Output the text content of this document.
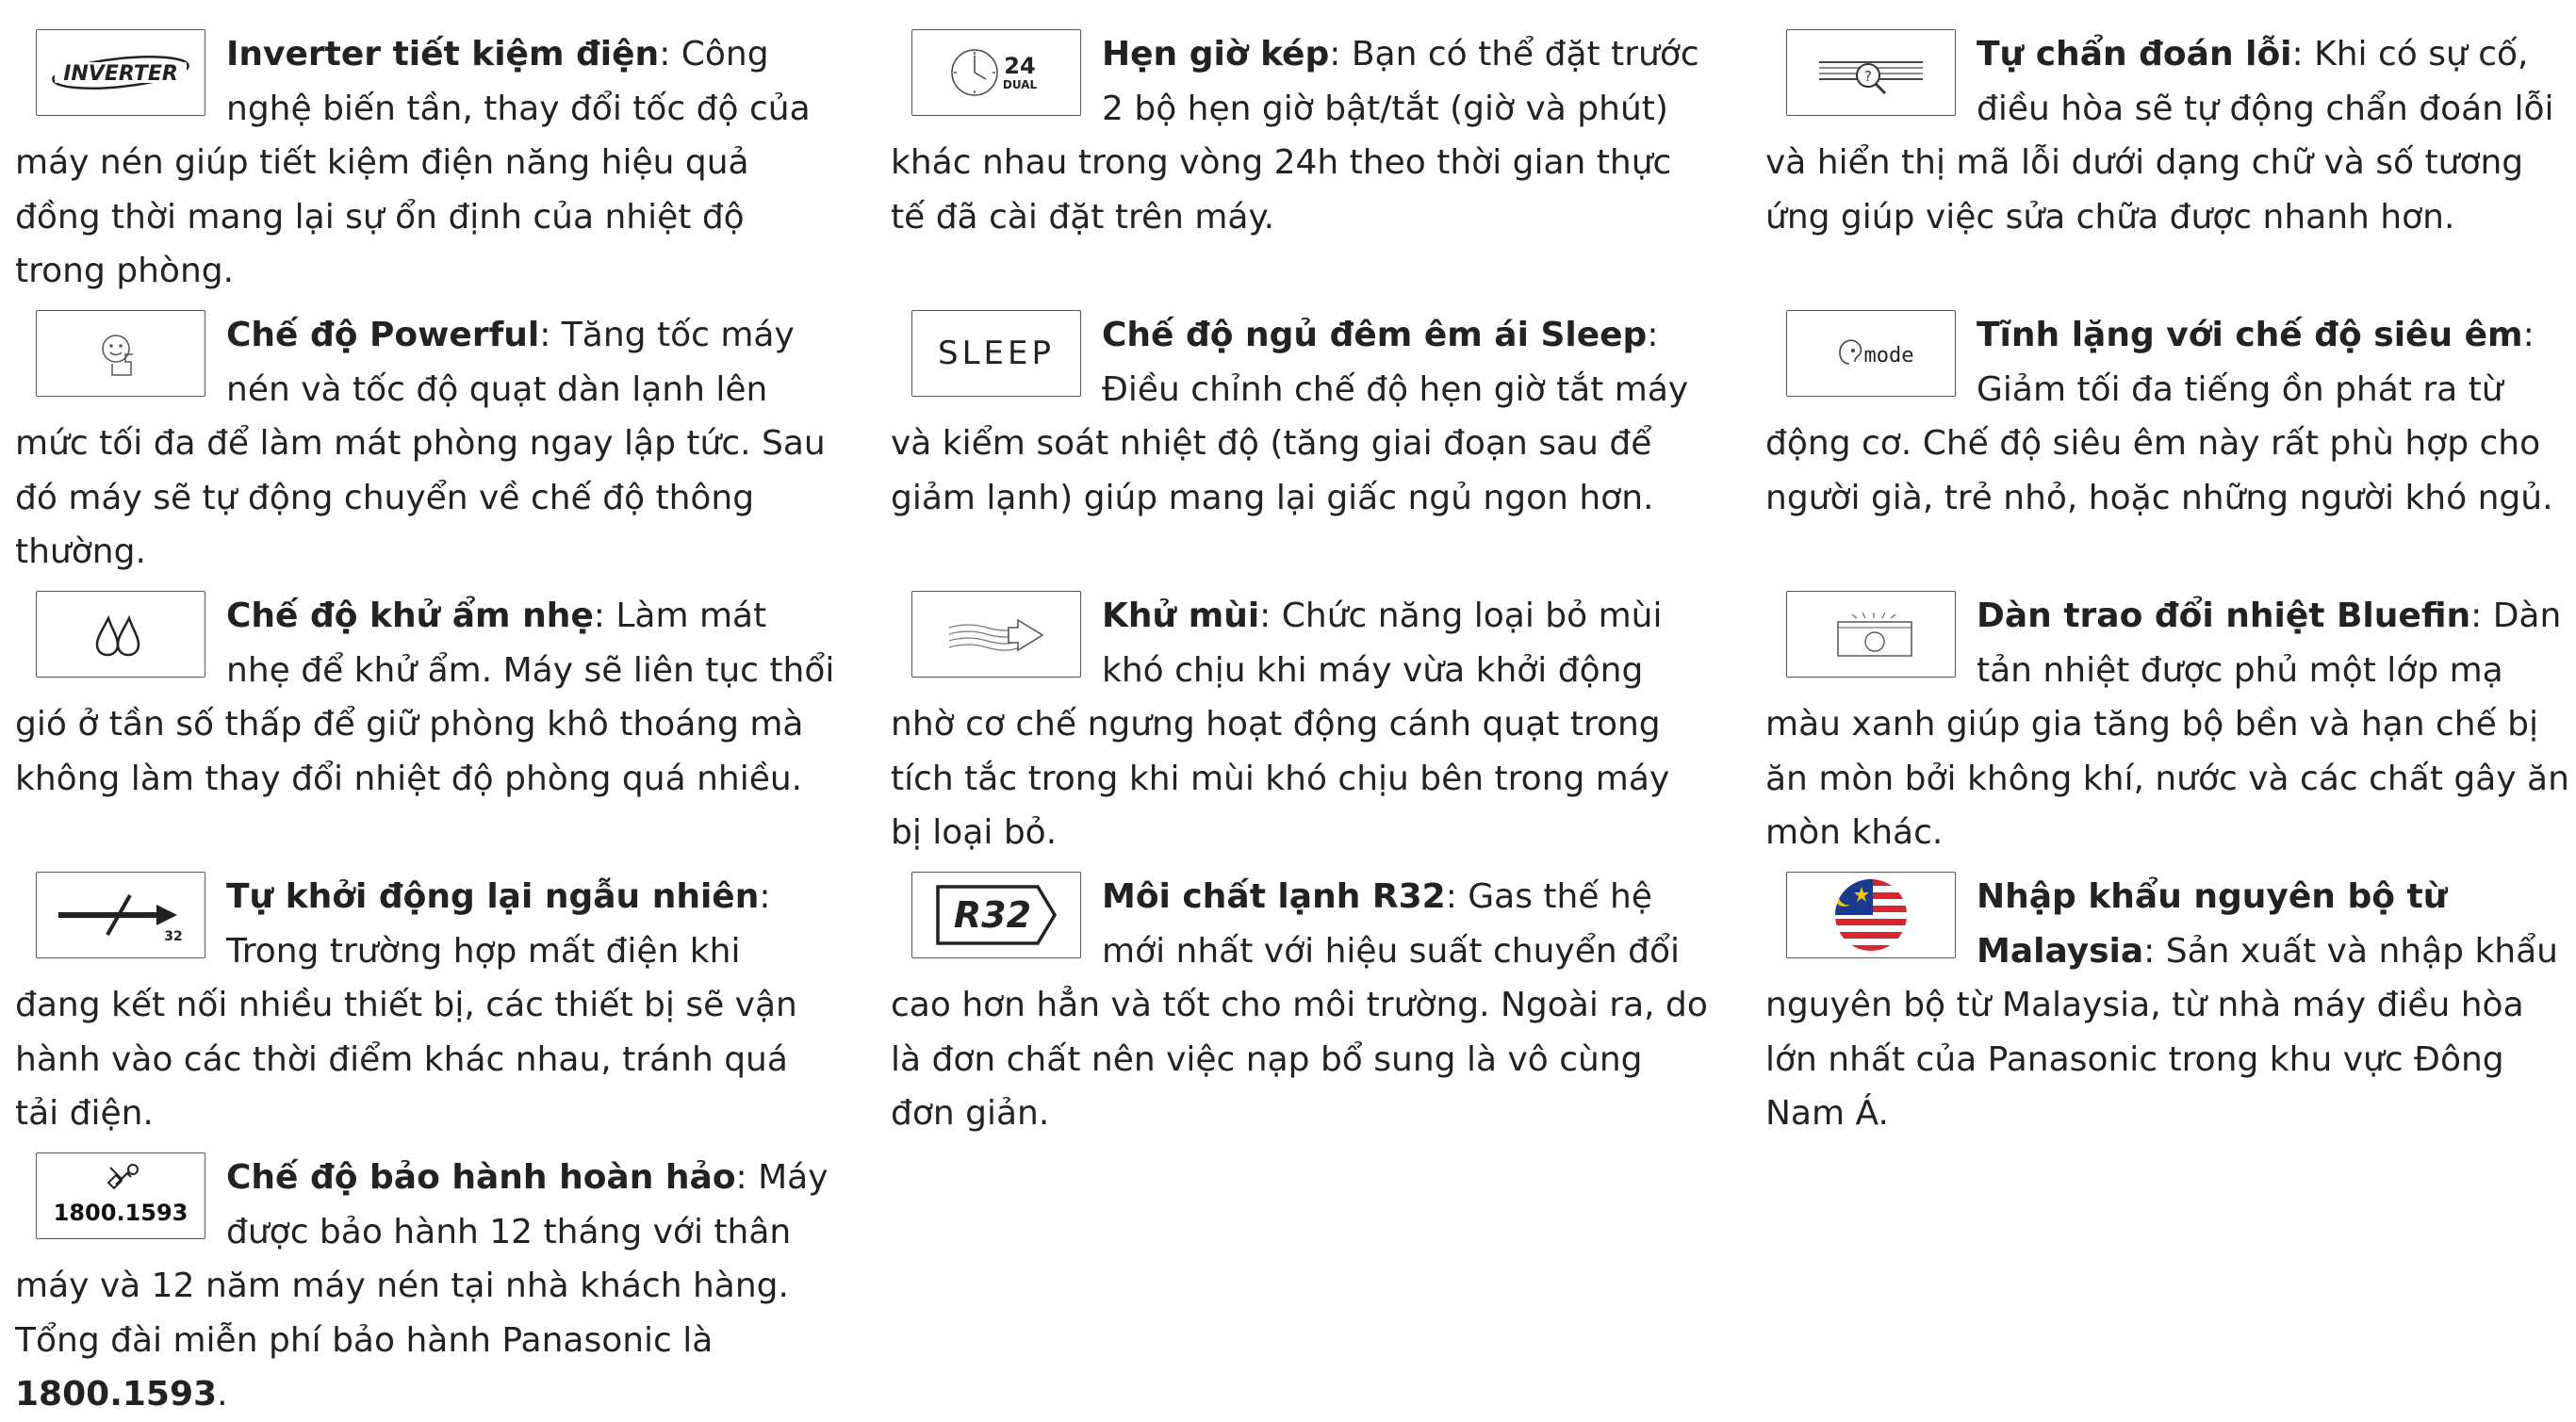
INVERTER
Inverter tiết kiệm điện: Công nghệ biến tần, thay đổi tốc độ của máy nén giúp tiết kiệm điện năng hiệu quả đồng thời mang lại sự ổn định của nhiệt độ trong phòng.
24
DUAL
Hẹn giờ kép: Bạn có thể đặt trước 2 bộ hẹn giờ bật/tắt (giờ và phút) khác nhau trong vòng 24h theo thời gian thực tế đã cài đặt trên máy.
?
Tự chẩn đoán lỗi: Khi có sự cố, điều hòa sẽ tự động chẩn đoán lỗi và hiển thị mã lỗi dưới dạng chữ và số tương ứng giúp việc sửa chữa được nhanh hơn.
Chế độ Powerful: Tăng tốc máy nén và tốc độ quạt dàn lạnh lên mức tối đa để làm mát phòng ngay lập tức. Sau đó máy sẽ tự động chuyển về chế độ thông thường.
SLEEP Chế độ ngủ đêm êm ái Sleep: Điều chỉnh chế độ hẹn giờ tắt máy và kiểm soát nhiệt độ (tăng giai đoạn sau để giảm lạnh) giúp mang lại giấc ngủ ngon hơn.
mode
Tĩnh lặng với chế độ siêu êm: Giảm tối đa tiếng ồn phát ra từ động cơ. Chế độ siêu êm này rất phù hợp cho người già, trẻ nhỏ, hoặc những người khó ngủ.
Chế độ khử ẩm nhẹ: Làm mát nhẹ để khử ẩm. Máy sẽ liên tục thổi gió ở tần số thấp để giữ phòng khô thoáng mà không làm thay đổi nhiệt độ phòng quá nhiều.
Khử mùi: Chức năng loại bỏ mùi khó chịu khi máy vừa khởi động nhờ cơ chế ngưng hoạt động cánh quạt trong tích tắc trong khi mùi khó chịu bên trong máy bị loại bỏ.
Dàn trao đổi nhiệt Bluefin: Dàn tản nhiệt được phủ một lớp mạ màu xanh giúp gia tăng bộ bền và hạn chế bị ăn mòn bởi không khí, nước và các chất gây ăn mòn khác.
32
Tự khởi động lại ngẫu nhiên: Trong trường hợp mất điện khi đang kết nối nhiều thiết bị, các thiết bị sẽ vận hành vào các thời điểm khác nhau, tránh quá tải điện.
R32 Môi chất lạnh R32: Gas thế hệ mới nhất với hiệu suất chuyển đổi cao hơn hẳn và tốt cho môi trường. Ngoài ra, do là đơn chất nên việc nạp bổ sung là vô cùng đơn giản.
Nhập khẩu nguyên bộ từ Malaysia: Sản xuất và nhập khẩu nguyên bộ từ Malaysia, từ nhà máy điều hòa lớn nhất của Panasonic trong khu vực Đông Nam Á.
1800.1593
Chế độ bảo hành hoàn hảo: Máy được bảo hành 12 tháng với thân máy và 12 năm máy nén tại nhà khách hàng. Tổng đài miễn phí bảo hành Panasonic là 1800.1593.
